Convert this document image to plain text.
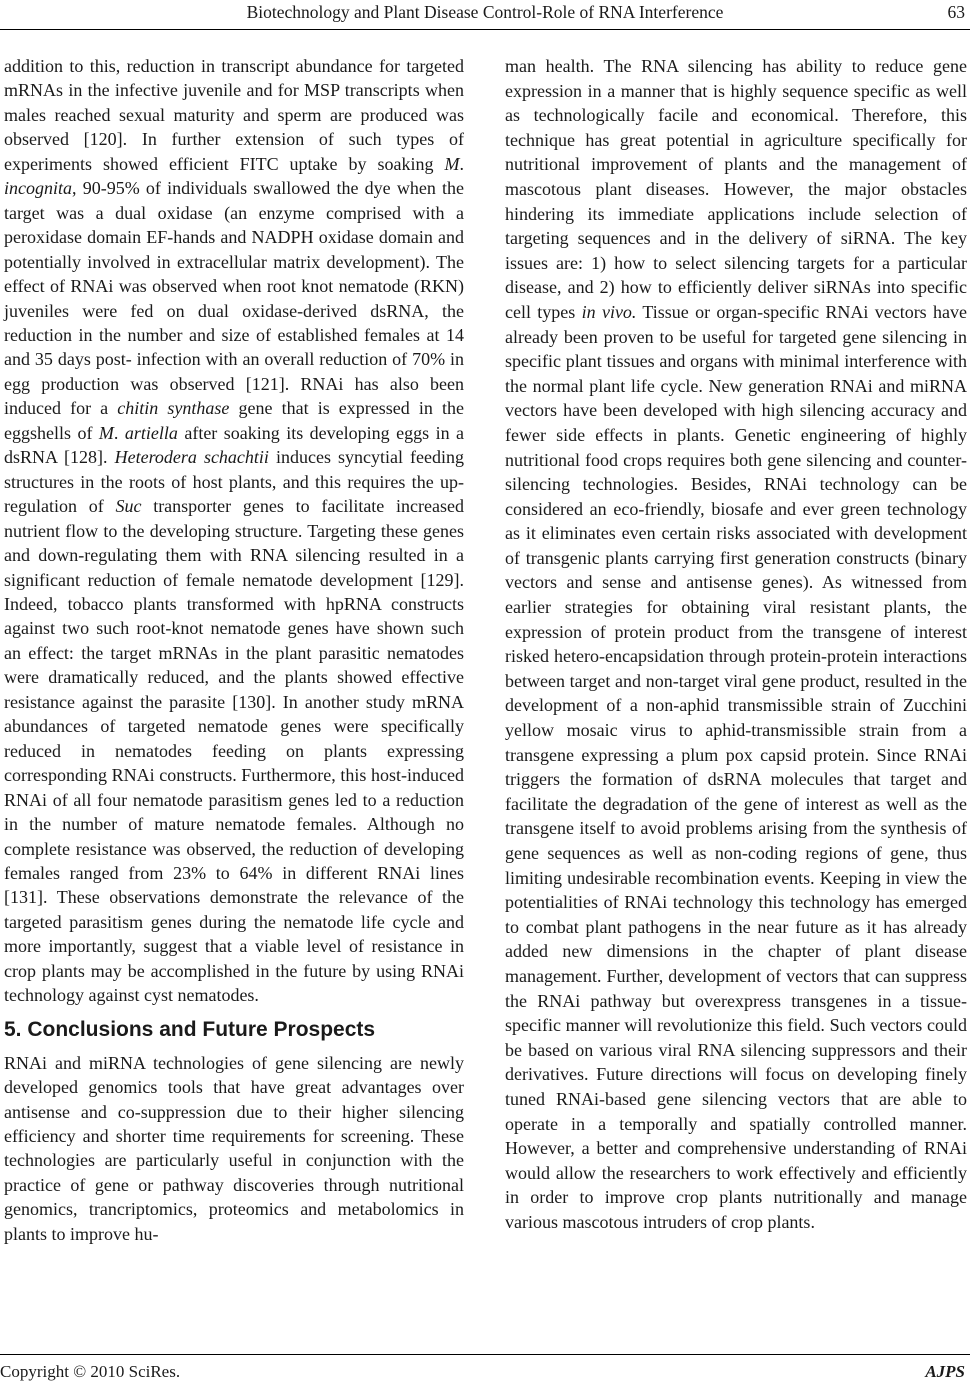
Biotechnology and Plant Disease Control-Role of RNA Interference	63

addition to this, reduction in transcript abundance for targeted mRNAs in the infective juvenile and for MSP transcripts when males reached sexual maturity and sperm are produced was observed [120]. In further extension of such types of experiments showed efficient FITC uptake by soaking M. incognita, 90-95% of individuals swallowed the dye when the target was a dual oxidase (an enzyme comprised with a peroxidase domain EF-hands and NADPH oxidase domain and potentially involved in extracellular matrix development). The effect of RNAi was observed when root knot nematode (RKN) juveniles were fed on dual oxidase-derived dsRNA, the reduction in the number and size of established females at 14 and 35 days post- infection with an overall reduction of 70% in egg production was observed [121]. RNAi has also been induced for a chitin synthase gene that is expressed in the eggshells of M. artiella after soaking its developing eggs in a dsRNA [128]. Heterodera schachtii induces syncytial feeding structures in the roots of host plants, and this requires the up-regulation of Suc transporter genes to facilitate increased nutrient flow to the developing structure. Targeting these genes and down-regulating them with RNA silencing resulted in a significant reduction of female nematode development [129]. Indeed, tobacco plants transformed with hpRNA constructs against two such root-knot nematode genes have shown such an effect: the target mRNAs in the plant parasitic nematodes were dramatically reduced, and the plants showed effective resistance against the parasite [130]. In another study mRNA abundances of targeted nematode genes were specifically reduced in nematodes feeding on plants expressing corresponding RNAi constructs. Furthermore, this host-induced RNAi of all four nematode parasitism genes led to a reduction in the number of mature nematode females. Although no complete resistance was observed, the reduction of developing females ranged from 23% to 64% in different RNAi lines [131]. These observations demonstrate the relevance of the targeted parasitism genes during the nematode life cycle and more importantly, suggest that a viable level of resistance in crop plants may be accomplished in the future by using RNAi technology against cyst nematodes.

5. Conclusions and Future Prospects

RNAi and miRNA technologies of gene silencing are newly developed genomics tools that have great advantages over antisense and co-suppression due to their higher silencing efficiency and shorter time requirements for screening. These technologies are particularly useful in conjunction with the practice of gene or pathway discoveries through nutritional genomics, trancriptomics, proteomics and metabolomics in plants to improve hu-

man health. The RNA silencing has ability to reduce gene expression in a manner that is highly sequence specific as well as technologically facile and economical. Therefore, this technique has great potential in agriculture specifically for nutritional improvement of plants and the management of mascotous plant diseases. However, the major obstacles hindering its immediate applications include selection of targeting sequences and in the delivery of siRNA. The key issues are: 1) how to select silencing targets for a particular disease, and 2) how to efficiently deliver siRNAs into specific cell types in vivo. Tissue or organ-specific RNAi vectors have already been proven to be useful for targeted gene silencing in specific plant tissues and organs with minimal interference with the normal plant life cycle. New generation RNAi and miRNA vectors have been developed with high silencing accuracy and fewer side effects in plants. Genetic engineering of highly nutritional food crops requires both gene silencing and counter-silencing technologies. Besides, RNAi technology can be considered an eco-friendly, biosafe and ever green technology as it eliminates even certain risks associated with development of transgenic plants carrying first generation constructs (binary vectors and sense and antisense genes). As witnessed from earlier strategies for obtaining viral resistant plants, the expression of protein product from the transgene of interest risked hetero-encapsidation through protein-protein interactions between target and non-target viral gene product, resulted in the development of a non-aphid transmissible strain of Zucchini yellow mosaic virus to aphid-transmissible strain from a transgene expressing a plum pox capsid protein. Since RNAi triggers the formation of dsRNA molecules that target and facilitate the degradation of the gene of interest as well as the transgene itself to avoid problems arising from the synthesis of gene sequences as well as non-coding regions of gene, thus limiting undesirable recombination events. Keeping in view the potentialities of RNAi technology this technology has emerged to combat plant pathogens in the near future as it has already added new dimensions in the chapter of plant disease management. Further, development of vectors that can suppress the RNAi pathway but overexpress transgenes in a tissue-specific manner will revolutionize this field. Such vectors could be based on various viral RNA silencing suppressors and their derivatives. Future directions will focus on developing finely tuned RNAi-based gene silencing vectors that are able to operate in a temporally and spatially controlled manner. However, a better and comprehensive understanding of RNAi would allow the researchers to work effectively and efficiently in order to improve crop plants nutritionally and manage various mascotous intruders of crop plants.

Copyright © 2010 SciRes.	AJPS
